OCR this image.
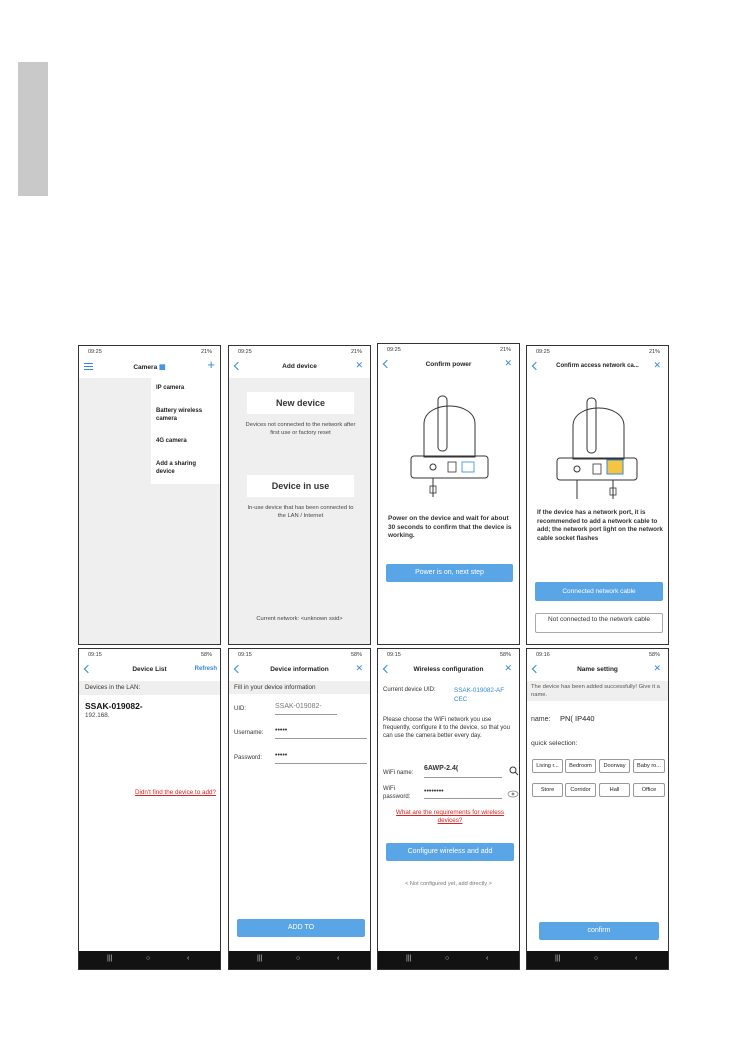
09:25	21%
Camera ▦	+
IP camera
Battery wireless camera
4G camera
Add a sharing device
09:25	21%
Add device	✕
New device
Devices not connected to the network after first use or factory reset
Device in use
In-use device that has been connected to the LAN / Internet
Current network: <unknown ssid>
09:25	21%
Confirm power	✕
Power on the device and wait for about 30 seconds to confirm that the device is working.
Power is on, next step
09:25	21%
Confirm access network ca...	✕
If the device has a network port, it is recommended to add a network cable to add; the network port light on the network cable socket flashes
Connected network cable
Not connected to the network cable
09:15	58%
Device List	Refresh
Devices in the LAN:
SSAK-019082-
192.168.
Didn't find the device to add?
|||	○	‹
09:15	58%
Device information	✕
Fill in your device information
UID:	SSAK-019082-
Username: •••••
Password: •••••
ADD TO
|||	○	‹
09:15	58%
Wireless configuration	✕
Current device UID:	SSAK-019082-AF CEC
Please choose the WiFi network you use frequently, configure it to the device, so that you can use the camera better every day.
WiFi name:
6AWP-2.4(
WiFi password:
••••••••
What are the requirements for wireless devices?
Configure wireless and add
< Not configured yet, add directly >
|||	○	‹
09:16	58%
Name setting	✕
The device has been added successfully! Give it a name.
name: PN( IP440
quick selection:
Living r...	Bedroom	Doorway	Baby ro...
Store	Corridor	Hall	Office
confirm
|||	○	‹
